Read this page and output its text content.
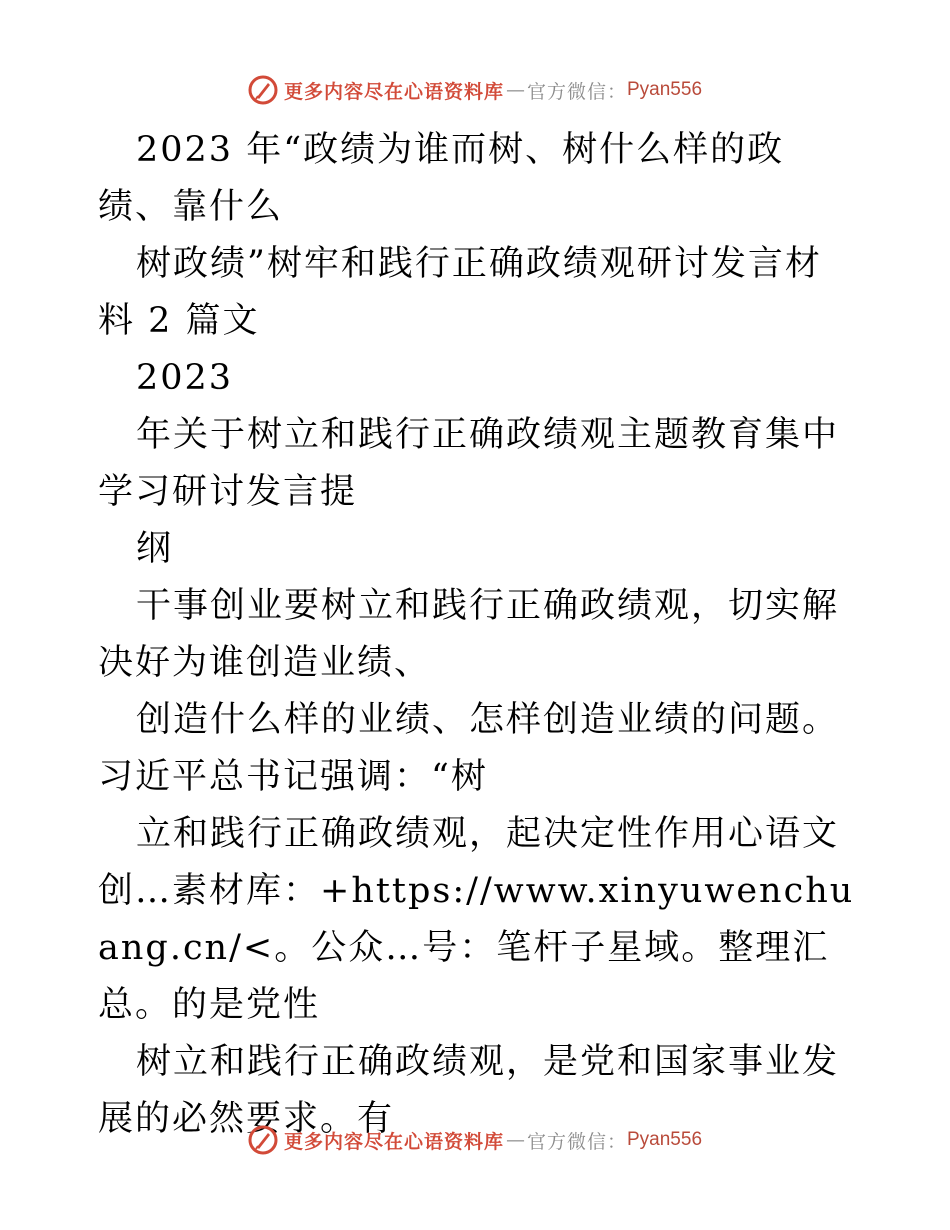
更多内容尽在心语资料库 — 官方微信： Pyan556

2023 年“政绩为谁而树、树什么样的政绩、靠什么

树政绩”树牢和践行正确政绩观研讨发言材料 2 篇文

2023

年关于树立和践行正确政绩观主题教育集中学习研讨发言提

纲

干事创业要树立和践行正确政绩观，切实解决好为谁创造业绩、

创造什么样的业绩、怎样创造业绩的问题。习近平总书记强调：“树

立和践行正确政绩观，起决定性作用心语文创…素材库：+https://www.xinyuwenchuang.cn/<。公众…号：笔杆子星域。整理汇总。的是党性

树立和践行正确政绩观，是党和国家事业发展的必然要求。有

更多内容尽在心语资料库 — 官方微信： Pyan556
